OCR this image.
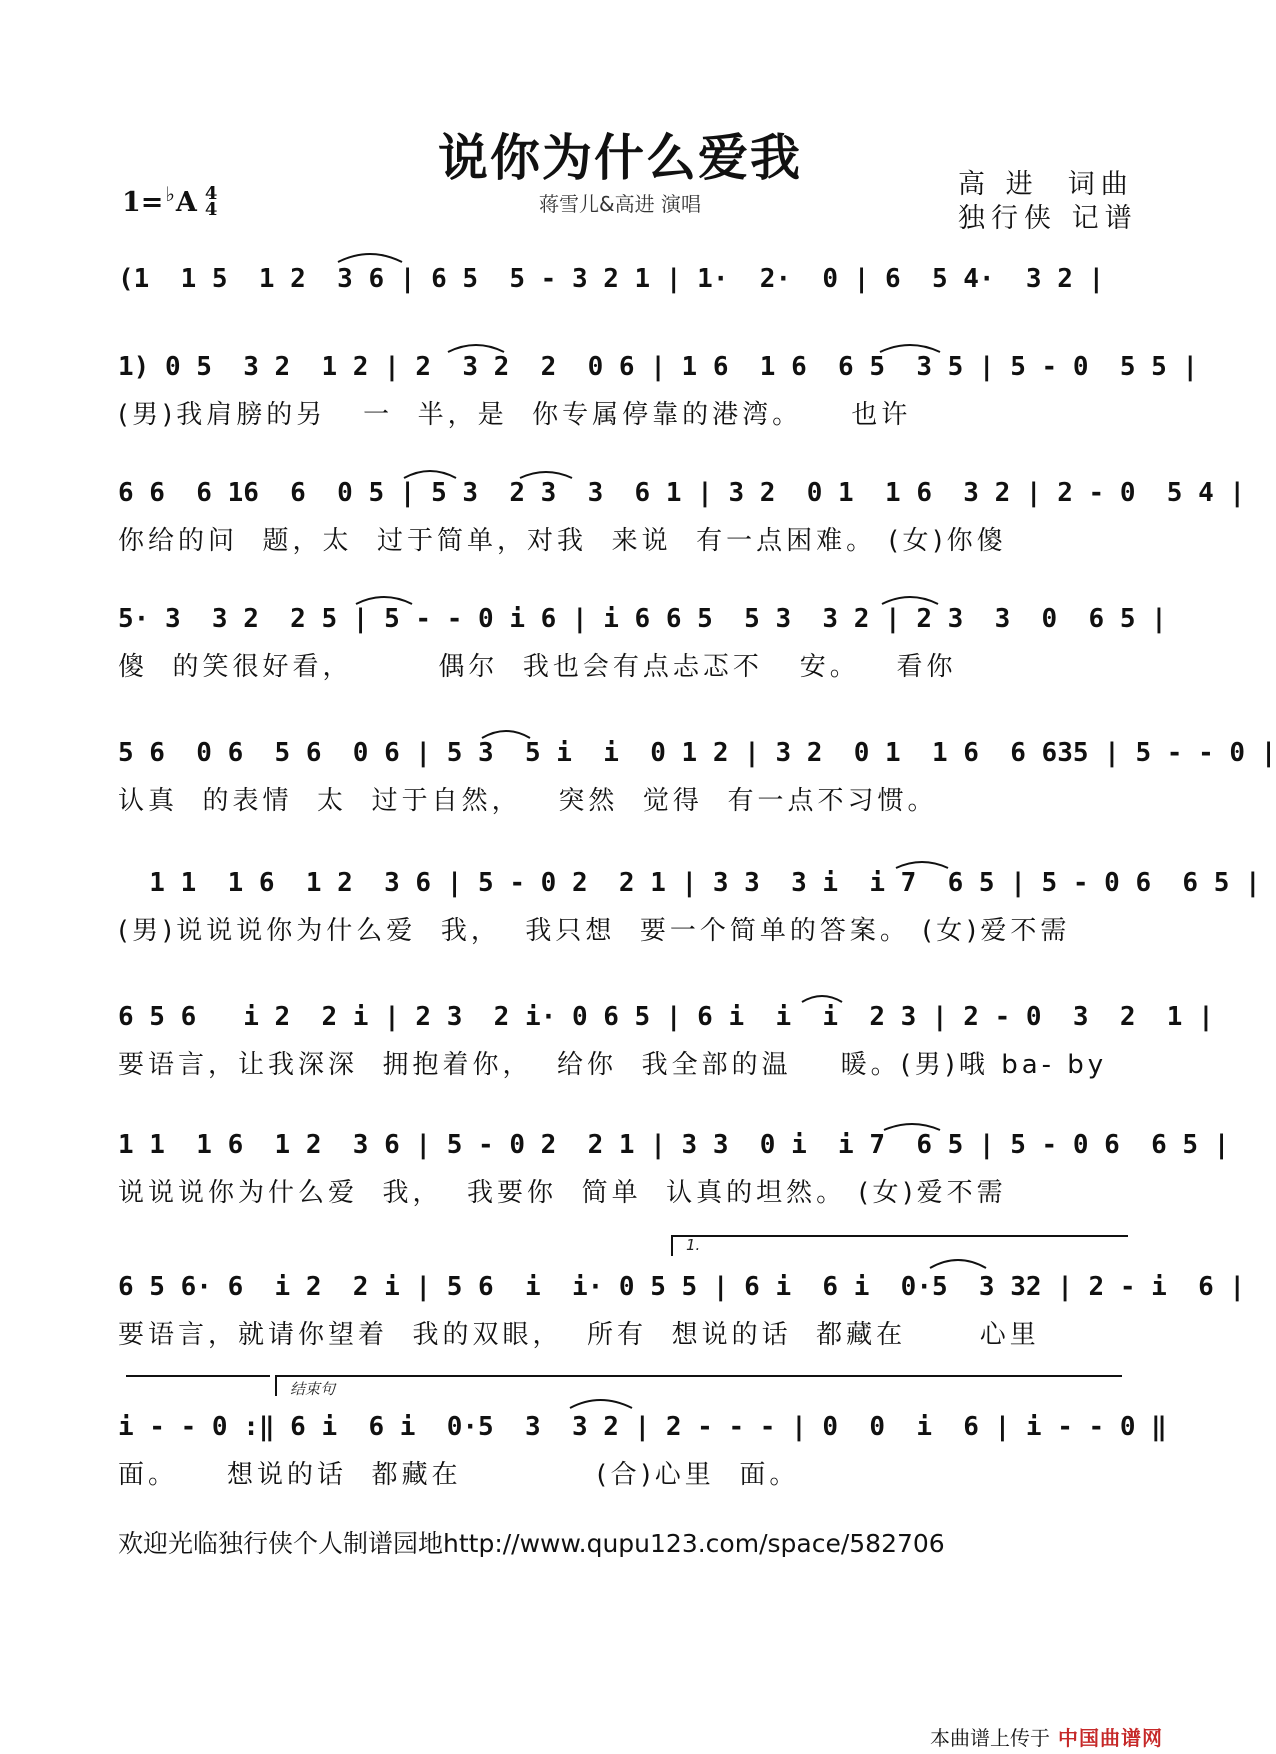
说你为什么爱我
蒋雪儿&高进 演唱
1= ♭ A 4
4
高 进  词曲
独行侠 记谱
(1  1 5  1 2  3 6 | 6 5  5 - 3 2 1 | 1·  2·  0 | 6  5 4·  3 2 |
1) 0 5  3 2  1 2 | 2  3 2  2  0 6 | 1 6  1 6  6 5  3 5 | 5 - 0  5 5 |
(男)我肩膀的另   一  半，是  你专属停靠的港湾。    也许
6 6  6 16  6  0 5 | 5 3  2 3  3  6 1 | 3 2  0 1  1 6  3 2 | 2 - 0  5 4 |
你给的问  题，太  过于简单，对我  来说  有一点困难。 (女)你傻
5· 3  3 2  2 5 | 5 - - 0 i 6 | i 6 6 5  5 3  3 2 | 2 3  3  0  6 5 |
傻  的笑很好看，       偶尔  我也会有点忐忑不   安。   看你
5 6  0 6  5 6  0 6 | 5 3  5 i  i  0 1 2 | 3 2  0 1  1 6  6 635 | 5 - - 0 |
认真  的表情  太  过于自然，   突然  觉得  有一点不习惯。
1 1  1 6  1 2  3 6 | 5 - 0 2  2 1 | 3 3  3 i  i 7  6 5 | 5 - 0 6  6 5 |
(男)说说说你为什么爱  我，  我只想  要一个简单的答案。 (女)爱不需
6 5 6   i 2  2 i | 2 3  2 i· 0 6 5 | 6 i  i  i  2 3 | 2 - 0  3  2  1 |
要语言，让我深深  拥抱着你，  给你  我全部的温    暖。(男)哦 ba- by
1 1  1 6  1 2  3 6 | 5 - 0 2  2 1 | 3 3  0 i  i 7  6 5 | 5 - 0 6  6 5 |
说说说你为什么爱  我，  我要你  简单  认真的坦然。 (女)爱不需
1.
6 5 6· 6  i 2  2 i | 5 6  i  i· 0 5 5 | 6 i  6 i  0·5  3 32 | 2 - i  6 |
要语言，就请你望着  我的双眼，  所有  想说的话  都藏在      心里
结束句
i - - 0 :‖ 6 i  6 i  0·5  3  3 2 | 2 - - - | 0  0  i  6 | i - - 0 ‖
面。    想说的话  都藏在           (合)心里  面。
欢迎光临独行侠个人制谱园地http://www.qupu123.com/space/582706
本曲谱上传于 中国曲谱网
